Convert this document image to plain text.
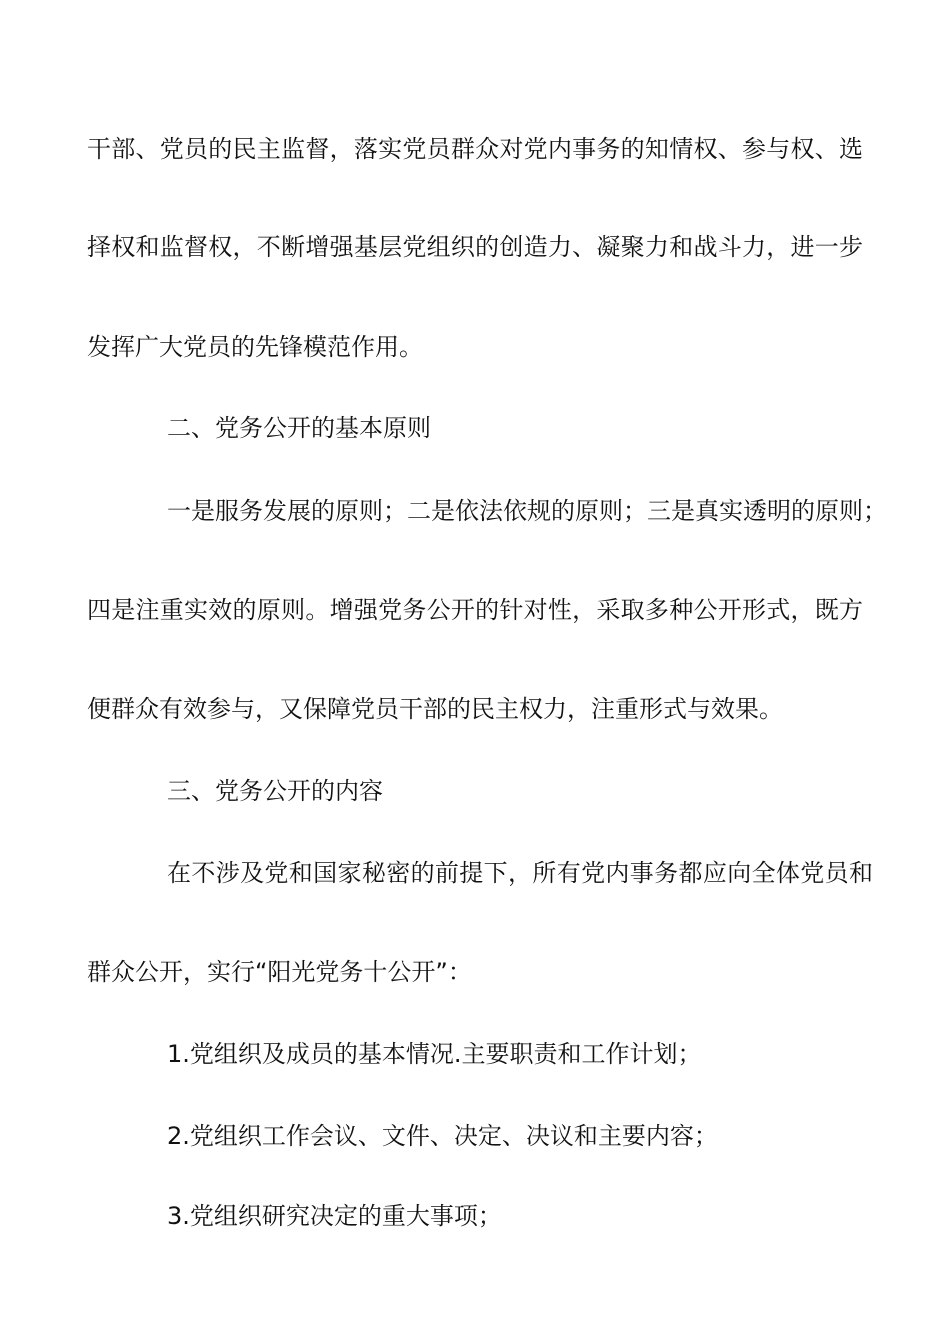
干部、党员的民主监督，落实党员群众对党内事务的知情权、参与权、选

择权和监督权，不断增强基层党组织的创造力、凝聚力和战斗力，进一步

发挥广大党员的先锋模范作用。

二、党务公开的基本原则

一是服务发展的原则；二是依法依规的原则；三是真实透明的原则；

四是注重实效的原则。增强党务公开的针对性，采取多种公开形式，既方

便群众有效参与，又保障党员干部的民主权力，注重形式与效果。

三、党务公开的内容

在不涉及党和国家秘密的前提下，所有党内事务都应向全体党员和

群众公开，实行“阳光党务十公开”：

1.党组织及成员的基本情况.主要职责和工作计划；

2.党组织工作会议、文件、决定、决议和主要内容；

3.党组织研究决定的重大事项；
